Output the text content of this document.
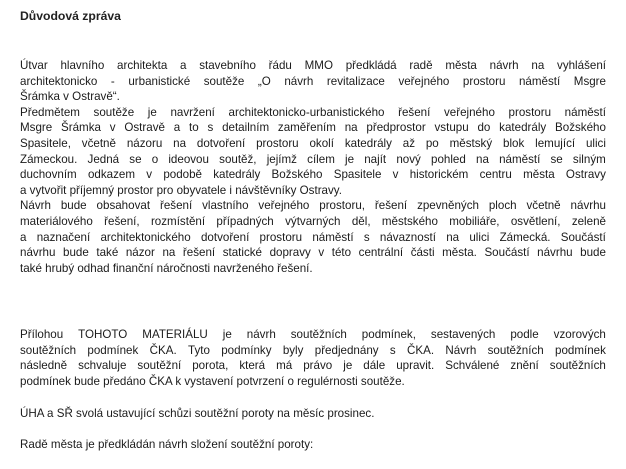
Důvodová zpráva
Útvar hlavního architekta a stavebního řádu MMO předkládá radě města návrh na vyhlášení
architektonicko - urbanistické soutěže „O návrh revitalizace veřejného prostoru náměstí Msgre
Šrámka v Ostravě“.
Předmětem soutěže je navržení architektonicko-urbanistického řešení veřejného prostoru náměstí
Msgre Šrámka v Ostravě a to s detailním zaměřením na předprostor vstupu do katedrály Božského
Spasitele, včetně názoru na dotvoření prostoru okolí katedrály až po městský blok lemující ulici
Zámeckou. Jedná se o ideovou soutěž, jejímž cílem je najít nový pohled na náměstí se silným
duchovním odkazem v podobě katedrály Božského Spasitele v historickém centru města Ostravy
a vytvořit příjemný prostor pro obyvatele i návštěvníky Ostravy.
Návrh bude obsahovat řešení vlastního veřejného prostoru, řešení zpevněných ploch včetně návrhu
materiálového řešení, rozmístění případných výtvarných děl, městského mobiliáře, osvětlení, zeleně
a naznačení architektonického dotvoření prostoru náměstí s návazností na ulici Zámecká. Součástí
návrhu bude také názor na řešení statické dopravy v této centrální části města. Součástí návrhu bude
také hrubý odhad finanční náročnosti navrženého řešení.
Přílohou TOHOTO MATERIÁLU je návrh soutěžních podmínek, sestavených podle vzorových
soutěžních podmínek ČKA. Tyto podmínky byly předjednány s ČKA. Návrh soutěžních podmínek
následně schvaluje soutěžní porota, která má právo je dále upravit. Schválené znění soutěžních
podmínek bude předáno ČKA k vystavení potvrzení o regulérnosti soutěže.
ÚHA a SŘ svolá ustavující schůzi soutěžní poroty na měsíc prosinec.
Radě města je předkládán návrh složení soutěžní poroty:
